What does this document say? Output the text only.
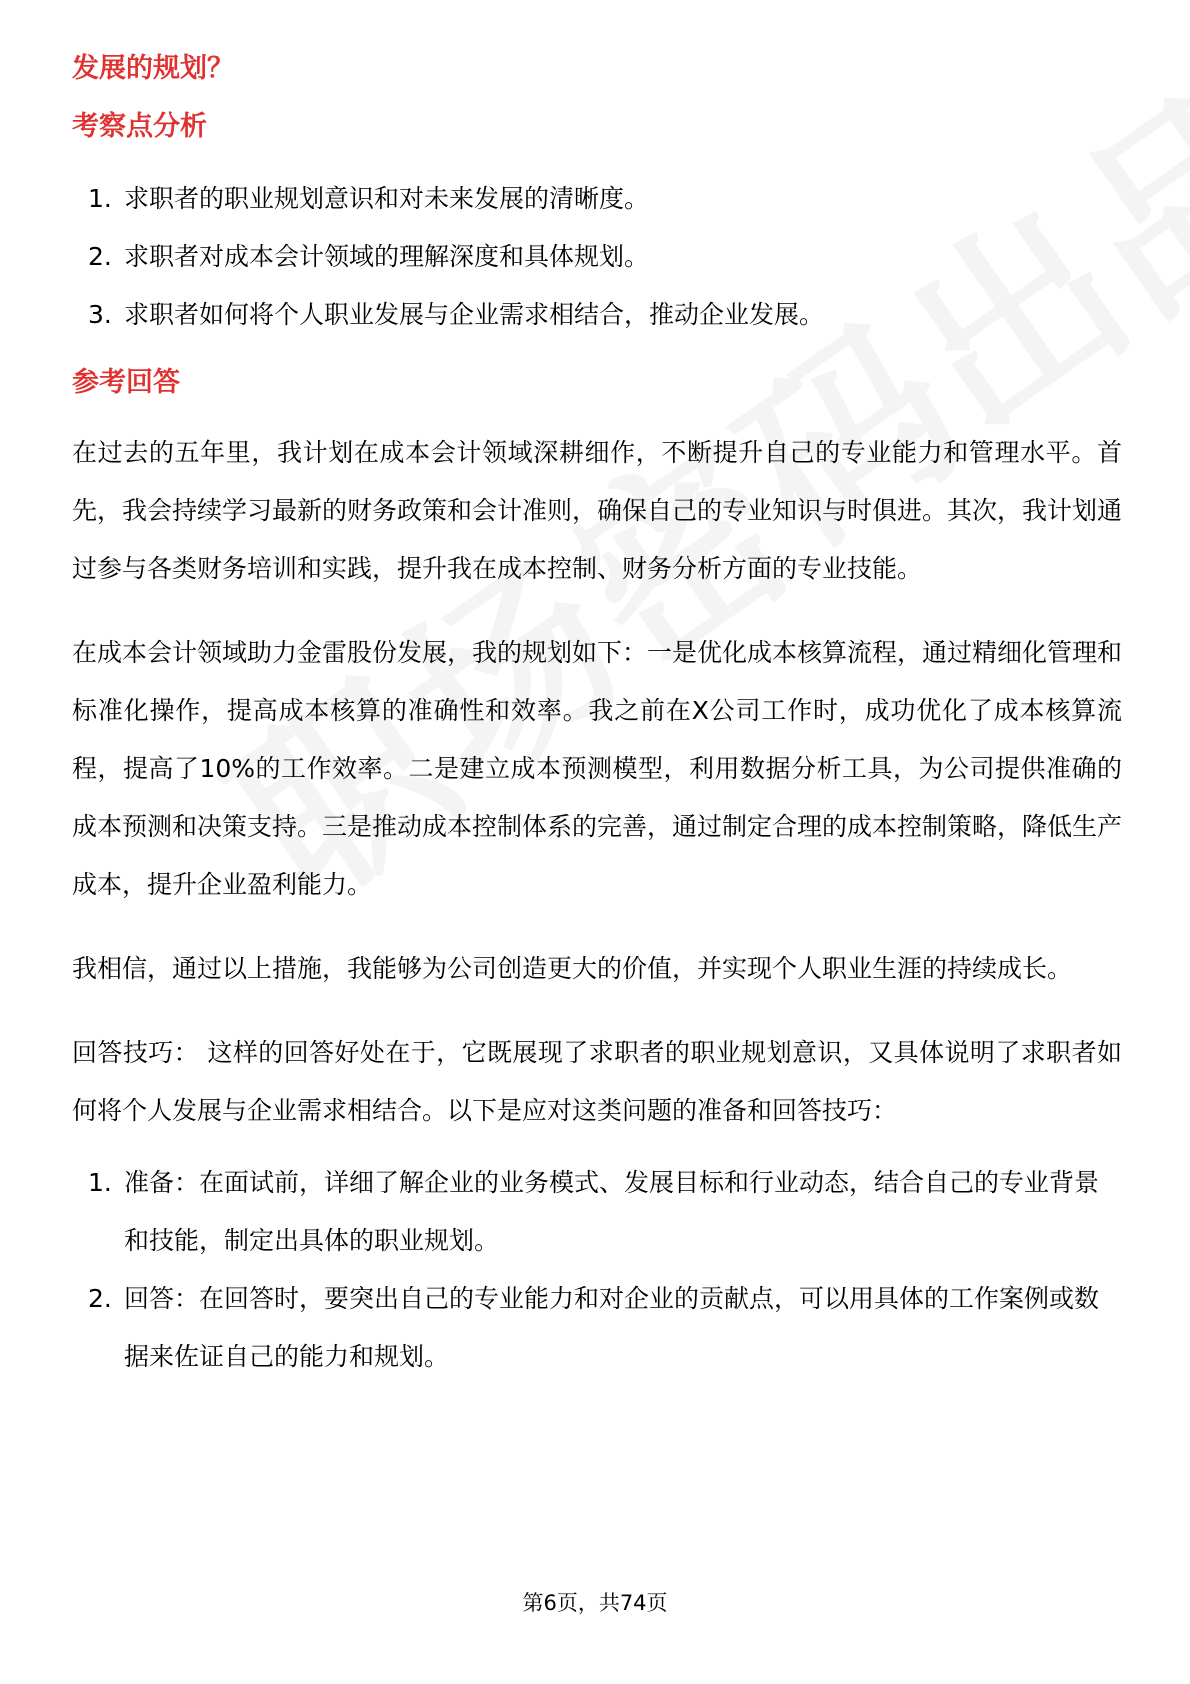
发展的规划？
考察点分析
1. 求职者的职业规划意识和对未来发展的清晰度。
2. 求职者对成本会计领域的理解深度和具体规划。
3. 求职者如何将个人职业发展与企业需求相结合，推动企业发展。
参考回答

在过去的五年里，我计划在成本会计领域深耕细作，不断提升自己的专业能力和管理水平。首先，我会持续学习最新的财务政策和会计准则，确保自己的专业知识与时俱进。其次，我计划通过参与各类财务培训和实践，提升我在成本控制、财务分析方面的专业技能。

在成本会计领域助力金雷股份发展，我的规划如下：一是优化成本核算流程，通过精细化管理和标准化操作，提高成本核算的准确性和效率。我之前在X公司工作时，成功优化了成本核算流程，提高了10%的工作效率。二是建立成本预测模型，利用数据分析工具，为公司提供准确的成本预测和决策支持。三是推动成本控制体系的完善，通过制定合理的成本控制策略，降低生产成本，提升企业盈利能力。

我相信，通过以上措施，我能够为公司创造更大的价值，并实现个人职业生涯的持续成长。

回答技巧： 这样的回答好处在于，它既展现了求职者的职业规划意识，又具体说明了求职者如何将个人发展与企业需求相结合。以下是应对这类问题的准备和回答技巧：

1. 准备：在面试前，详细了解企业的业务模式、发展目标和行业动态，结合自己的专业背景和技能，制定出具体的职业规划。
2. 回答：在回答时，要突出自己的专业能力和对企业的贡献点，可以用具体的工作案例或数据来佐证自己的能力和规划。
第6页，共74页
